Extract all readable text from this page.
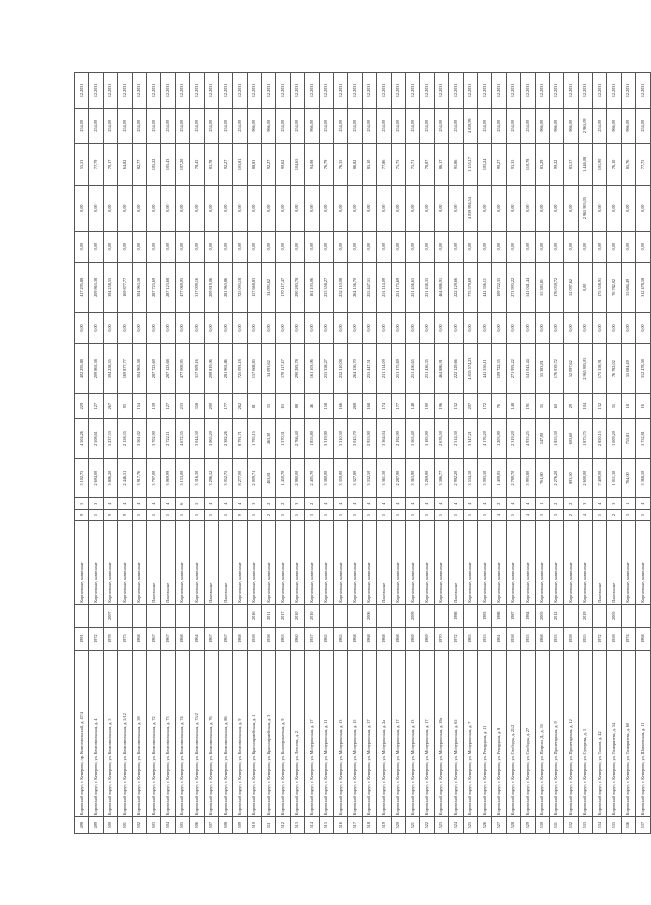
498	Кировский округ, г. Кемерово, пр. Комсомольский, д. 47/4	1991		Кирпичные, каменные	9	5	5 102,75	4 504,26	229	402 295,88	0,00	417 295,88	0,00	0,00	55,53	254,00	12.2031
499	Кировский округ, г. Кемерово, ул. Комсомольская, д. 4	1972		Кирпичные, каменные	5	3	2 694,00	2 508,61	127	209 863,38	0,00	209 863,38	0,00	0,00	77,79	254,00	12.2031
500	Кировский округ, г. Кемерово, ул. Комсомольская, д. 5	1978	2007	Кирпичные, каменные	9	4	5 806,20	5 237,33	267	394 258,55	0,00	394 258,55	0,00	0,00	70,17	254,00	12.2031
501	Кировский округ, г. Кемерово, ул. Комсомольская, д. 5/12	1975		Кирпичные, каменные	9	4	2 446,51	2 158,35	93	169 877,77	0,00	169 877,77	0,00	0,00	64,82	254,00	12.2031
502	Кировский округ, г. Кемерово, ул. Комсомольская, д. 58	1968		Кирпичные, каменные	5	4	3 917,76	3 561,02	154	304 963,58	0,00	304 963,58	0,00	0,00	82,77	254,00	12.2031
503	Кировский округ, г. Кемерово, ул. Комсомольская, д. 72	1967		Панельные	5	4	3 797,00	3 702,90	139	287 723,69	0,00	287 723,69	0,00	0,00	105,22	254,00	12.2031
504	Кировский округ, г. Кемерово, ул. Комсомольская, д. 73	1967		Панельные	5	4	3 069,99	2 722,11	127	287 123,68	0,00	287 123,68	0,00	0,00	105,43	254,00	12.2031
505	Кировский округ, г. Кемерово, ул. Комсомольская, д. 74	1968		Кирпичные, каменные	5	6	5 153,00	4 672,35	233	477 069,95	0,00	477 069,95	0,00	0,00	107,20	254,00	12.2031
506	Кировский округ, г. Кемерово, ул. Комсомольская, д. 75/2	1964		Кирпичные, каменные	5	5	3 316,30	3 044,30	358	317 009,16	0,00	317 009,16	0,00	0,00	78,45	254,00	12.2031
507	Кировский округ, г. Кемерово, ул. Комсомольская, д. 76	1967		Панельные	5	4	3 296,52	3 065,20	200	209 819,06	0,00	209 819,06	0,00	0,00	83,78	254,00	12.2031
508	Кировский округ, г. Кемерово, ул. Комсомольская, д. 86	1967		Панельные	5	4	3 052,75	2 382,26	177	281 963,86	0,00	281 963,86	0,00	0,00	92,27	254,00	12.2031
509	Кировский округ, г. Кемерово, ул. Комсомольская, д. 9	1968		Кирпичные, каменные	9	4	8 277,00	8 791,71	262	725 093,18	0,00	725 093,18	0,00	0,00	103,81	254,00	12.2031
510	Кировский округ, г. Кемерово, ул. Красноармейская, д. 1	1958	2016	Кирпичные, каменные	5	3	2 009,71	1 795,15	81	157 668,83	0,00	157 668,83	0,00	0,00	88,83	966,00	12.2031
511	Кировский округ, г. Кемерово, ул. Красноармейская, д. 3	1958	2011	Кирпичные, каменные	2	2	463,81	463,30	33	34 093,62	0,00	34 093,62	0,00	0,00	92,27	966,00	12.2031
512	Кировский округ, г. Кемерово, ул. Кинопрокатная, д. 9	1963	2017	Кирпичные, каменные	5	2	1 450,70	1 370,31	63	170 117,47	0,00	170 117,47	0,00	0,00	90,62	254,00	12.2031
513	Кировский округ, г. Кемерово, ул. Леонова, д. 2	1960	2010	Кирпичные, каменные	5	3	2 980,00	2 766,40	88	290 283,78	0,00	290 283,78	0,00	0,00	104,65	254,00	12.2031
514	Кировский округ, г. Кемерово, ул. Мичуринская, д. 17	1957	2010	Кирпичные, каменные	3	2	2 405,70	1 853,80	46	161 103,06	0,00	161 103,06	0,00	0,00	94,08	966,00	12.2031
515	Кировский округ, г. Кемерово, ул. Мичуринская, д. 11	1965		Кирпичные, каменные	5	4	3 380,00	3 319,90	158	255 358,27	0,00	255 358,27	0,00	0,00	76,79	254,00	12.2031
516	Кировский округ, г. Кемерово, ул. Мичуринская, д. 13	1965		Кирпичные, каменные	5	4	3 359,00	3 310,30	166	252 110,08	0,00	252 110,08	0,00	0,00	76,35	254,00	12.2031
517	Кировский округ, г. Кемерово, ул. Мичуринская, д. 15	1968		Кирпичные, каменные	5	4	3 327,80	3 045,70	268	264 156,70	0,00	264 156,70	0,00	0,00	86,82	254,00	12.2031
518	Кировский округ, г. Кемерово, ул. Мичуринская, д. 17	1968	2006	Кирпичные, каменные	5	4	3 332,50	2 955,90	168	255 447,51	0,00	255 447,51	0,00	0,00	85,10	254,00	12.2031
519	Кировский округ, г. Кемерово, ул. Мичуринская, д. 2а	1968		Панельные	5	4	3 361,30	3 364,04	174	251 114,09	0,00	251 114,09	0,00	0,00	77,86	254,00	12.2031
520	Кировский округ, г. Кемерово, ул. Мичуринская, д. 17	1968		Кирпичные, каменные	5	4	2 287,90	2 192,90	177	251 175,69	0,00	251 175,69	0,00	0,00	75,75	254,00	12.2031
521	Кировский округ, г. Кемерово, ул. Мичуринская, д. 13	1969	2009	Кирпичные, каменные	5	4	3 363,90	3 563,40	148	251 456,65	0,00	251 456,65	0,00	0,00	75,71	254,00	12.2031
522	Кировский округ, г. Кемерово, ул. Мичуринская, д. 17	1969		Кирпичные, каменные	5	4	3 269,90	3 183,90	190	251 436,35	0,00	251 436,35	0,00	0,00	78,87	254,00	12.2031
523	Кировский округ, г. Кемерово, ул. Мичуринская, д. 19а	1970		Кирпичные, каменные	5	4	3 386,77	2 676,50	196	464 886,91	0,00	464 886,91	0,00	0,00	86,17	254,00	12.2031
524	Кировский округ, г. Кемерово, ул. Мичуринская, д. 65	1972	1988	Панельные	5	4	2 992,20	2 314,30	132	222 129,66	0,00	222 129,66	0,00	0,00	95,86	254,00	12.2031
525	Кировский округ, г. Кемерово, ул. Мичуринская, д. 7	1963		Кирпичные, каменные	5	4	3 534,10	3 347,21	207	4 835 574,23	0,00	775 579,69	0,00	4 059 994,54	1 155,17	4 059,99	12.2031
526	Кировский округ, г. Кемерово, ул. Рекордная, д. 11	1955	1983	Кирпичные, каменные	5	4	5 093,50	4 176,20	172	441 356,11	0,00	441 356,11	0,00	0,00	105,24	254,00	12.2031
527	Кировский округ, г. Кемерово, ул. Рекордная, д. 8	1961	1988	Кирпичные, каменные	4	2	1 409,05	1 203,90	76	109 722,35	0,00	109 722,35	0,00	0,00	90,27	254,00	12.2031
528	Кировский округ, г. Кемерово, ул. Свободы, д. 21/2	1958	1987	Кирпичные, каменные	5	4	2 789,70	2 319,20	148	271 993,22	0,00	271 993,22	0,00	0,00	93,35	254,00	12.2031
529	Кировский округ, г. Кемерово, ул. Свободы, д. 27	1955	1984	Кирпичные, каменные	4	4	5 993,80	4 933,25	191	541 041,44	0,00	541 041,44	0,00	0,00	110,78	254,00	12.2031
530	Кировский округ, г. Кемерово, ул. Патриса Д., д. 35	1968	2005	Кирпичные, каменные	3	1	761,80	547,00	35	55 383,81	0,00	55 383,81	0,00	0,00	83,29	966,00	12.2031
531	Кировский округ, г. Кемерово, ул. Пролетарская, д. 9	1953	2012	Кирпичные, каменные	3	2	2 276,20	1 855,30	60	176 039,72	0,00	176 039,72	0,00	0,00	99,22	966,00	12.2031
532	Кировский округ, г. Кемерово, ул. Пролетарская, д. 12	1958		Кирпичные, каменные	2	2	893,50	603,60	29	52 097,62	0,00	52 097,62	0,00	0,00	83,57	966,00	12.2031
533	Кировский округ, г. Кемерово, ул. Суворова, д. 3	1955	2019	Кирпичные, каменные	4	3	2 600,00	1 875,75	104	2 965 905,05	0,00	0,00	0,00	2 965 905,05	1 446,08	2 965,09	12.2031
534	Кировский округ, г. Кемерово, ул. Танков, д. 42	1972		Панельные	5	4	7 409,00	2 850,15	132	175 358,91	0,00	175 358,91	0,00	0,00	101,90	254,00	12.2031
535	Кировский округ, г. Кемерово, ул. Тимирязева, д. 54	1958	2005	Панельные	2	3	1 011,30	1 009,20	35	76 782,02	0,00	76 782,02	0,00	0,00	76,10	966,00	12.2031
536	Кировский округ, г. Кемерово, ул. Тимирязева, д. 60	1974		Кирпичные, каменные	3	1	764,00	755,81	18	55 684,49	0,00	55 684,49	0,00	0,00	85,76	966,00	12.2031
537	Кировский округ, г. Кемерово, ул. Шатковская, д. 11	1968		Кирпичные, каменные	5	4	3 368,50	3 752,81	16	312 478,58	0,00	312 478,58	0,00	0,00	77,75	254,00	12.2031
